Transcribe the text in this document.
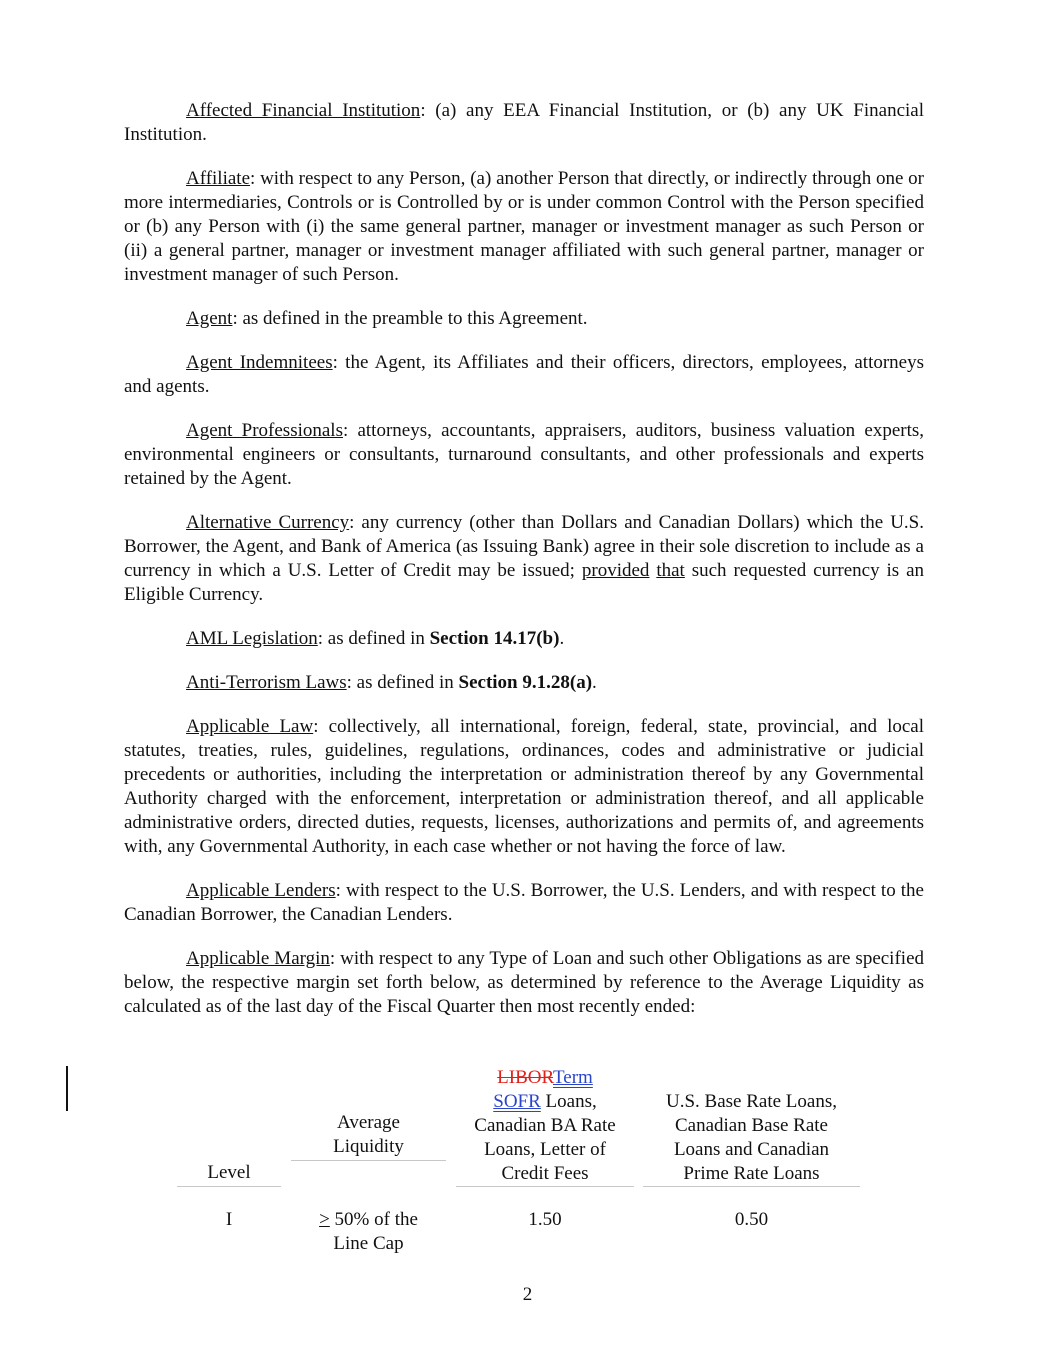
Affected Financial Institution: (a) any EEA Financial Institution, or (b) any UK Financial Institution.

Affiliate: with respect to any Person, (a) another Person that directly, or indirectly through one or more intermediaries, Controls or is Controlled by or is under common Control with the Person specified or (b) any Person with (i) the same general partner, manager or investment manager as such Person or (ii) a general partner, manager or investment manager affiliated with such general partner, manager or investment manager of such Person.

Agent: as defined in the preamble to this Agreement.

Agent Indemnitees: the Agent, its Affiliates and their officers, directors, employees, attorneys and agents.

Agent Professionals: attorneys, accountants, appraisers, auditors, business valuation experts, environmental engineers or consultants, turnaround consultants, and other professionals and experts retained by the Agent.

Alternative Currency: any currency (other than Dollars and Canadian Dollars) which the U.S. Borrower, the Agent, and Bank of America (as Issuing Bank) agree in their sole discretion to include as a currency in which a U.S. Letter of Credit may be issued; provided that such requested currency is an Eligible Currency.

AML Legislation: as defined in Section 14.17(b).

Anti-Terrorism Laws: as defined in Section 9.1.28(a).

Applicable Law: collectively, all international, foreign, federal, state, provincial, and local statutes, treaties, rules, guidelines, regulations, ordinances, codes and administrative or judicial precedents or authorities, including the interpretation or administration thereof by any Governmental Authority charged with the enforcement, interpretation or administration thereof, and all applicable administrative orders, directed duties, requests, licenses, authorizations and permits of, and agreements with, any Governmental Authority, in each case whether or not having the force of law.

Applicable Lenders: with respect to the U.S. Borrower, the U.S. Lenders, and with respect to the Canadian Borrower, the Canadian Lenders.

Applicable Margin: with respect to any Type of Loan and such other Obligations as are specified below, the respective margin set forth below, as determined by reference to the Average Liquidity as calculated as of the last day of the Fiscal Quarter then most recently ended:

Level
Average
Liquidity
LIBORTerm
SOFR Loans,
Canadian BA Rate
Loans, Letter of
Credit Fees
U.S. Base Rate Loans,
Canadian Base Rate
Loans and Canadian
Prime Rate Loans
I	≥ 50% of the
Line Cap
1.50	0.50
2
